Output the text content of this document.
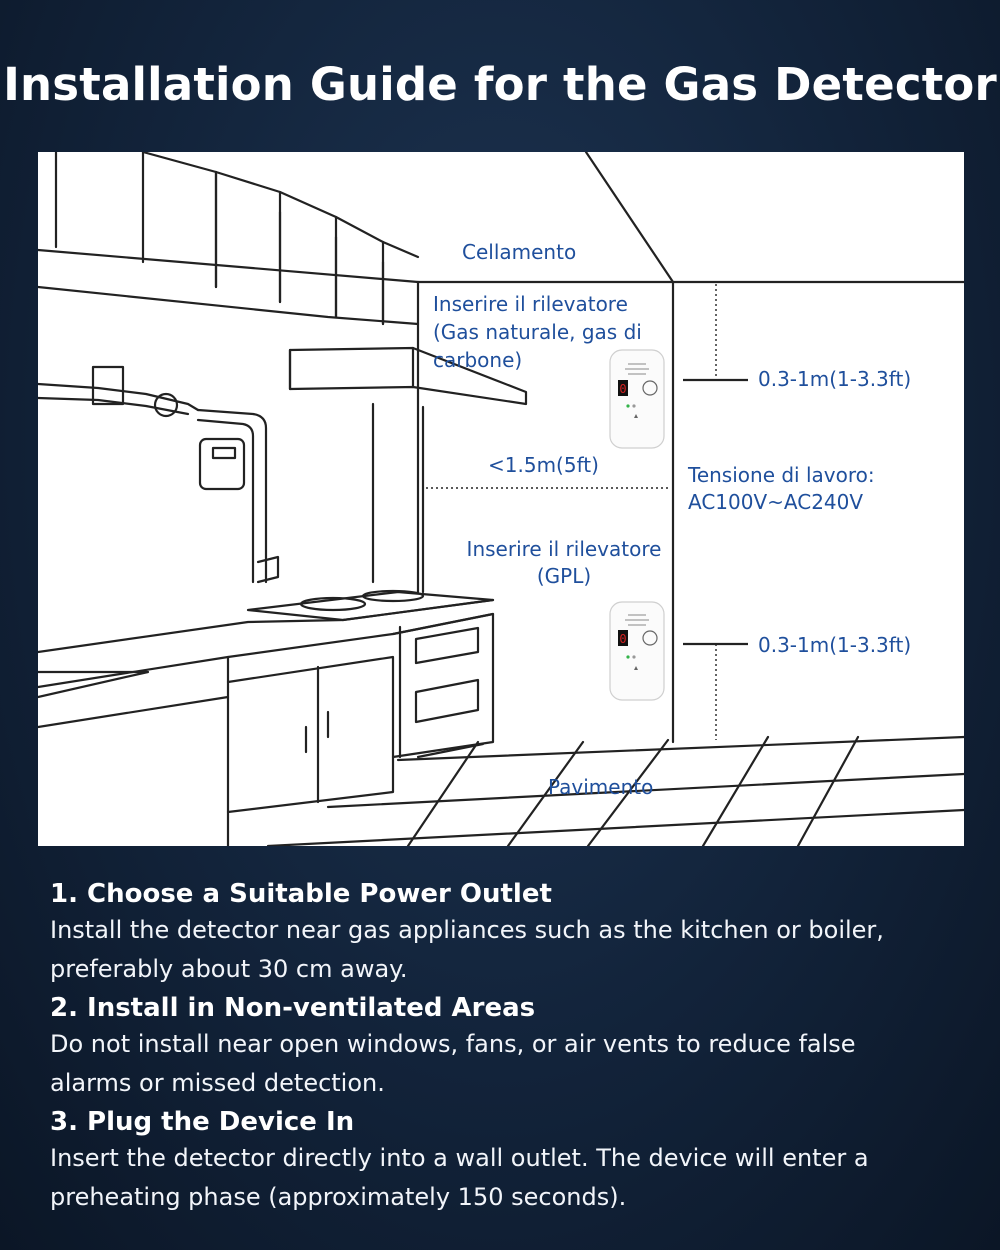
Installation Guide for the Gas Detector
0
0
Cellamento
Inserire il rilevatore
(Gas naturale, gas di
carbone)
0.3-1m(1-3.3ft)
<1.5m(5ft)	Tensione di lavoro:
AC100V~AC240V
Inserire il rilevatore
(GPL)
0.3-1m(1-3.3ft)
Pavimento

1. Choose a Suitable Power Outlet

Install the detector near gas appliances such as the kitchen or boiler,

preferably about 30 cm away.

2. Install in Non-ventilated Areas

Do not install near open windows, fans, or air vents to reduce false

alarms or missed detection.

3. Plug the Device In

Insert the detector directly into a wall outlet. The device will enter a

preheating phase (approximately 150 seconds).
